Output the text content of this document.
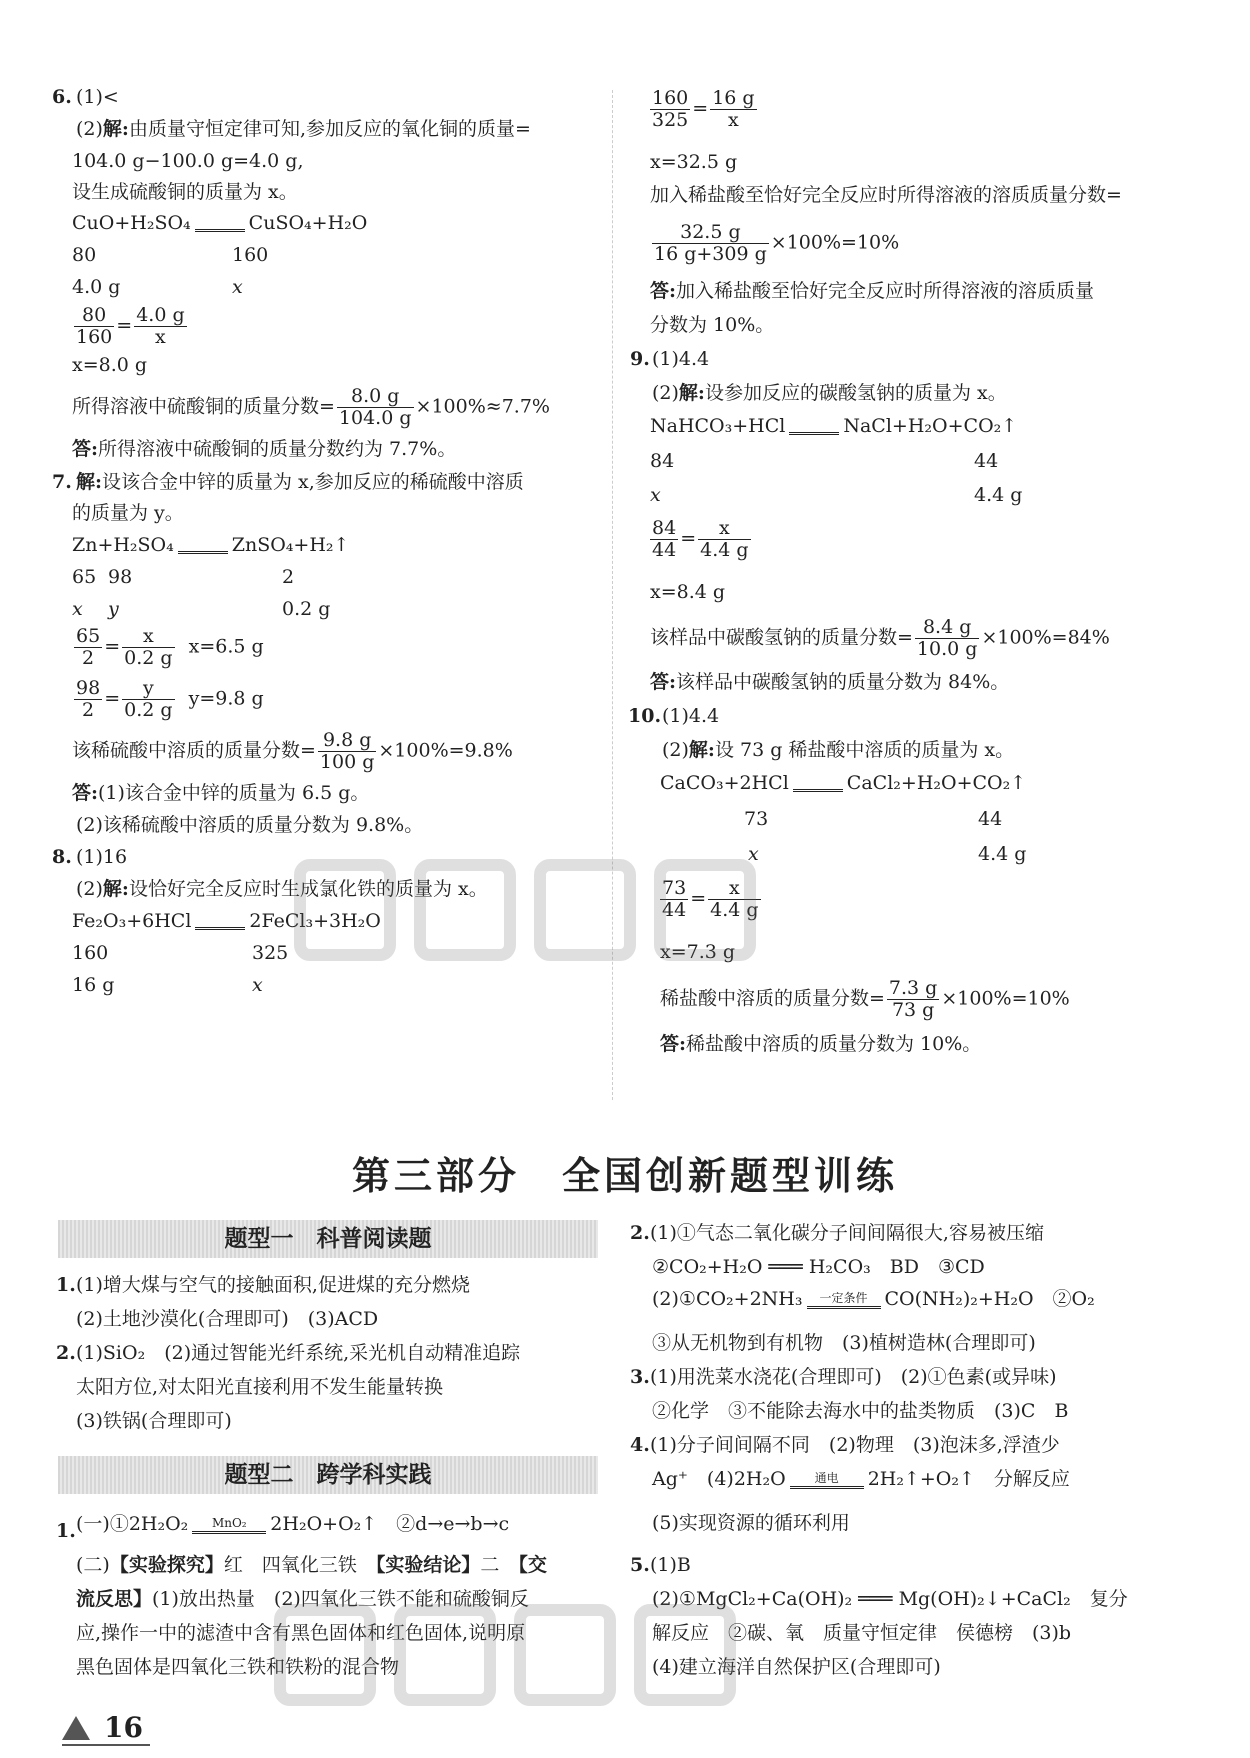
6. (1)<
(2)解:由质量守恒定律可知,参加反应的氧化铜的质量=
104.0 g−100.0 g=4.0 g,
设生成硫酸铜的质量为 x。
CuO+H₂SO₄	CuSO₄+H₂O
80	160
4.0 g	x
$\frac{80}{160} = \frac{4.0 g}{x}$
x=8.0 g
所得溶液中硫酸铜的质量分数= $\frac{8.0 g}{104.0 g} \times 100\%\approx 7.7\%$
答:所得溶液中硫酸铜的质量分数约为 7.7%。
7. 解:设该合金中锌的质量为 x,参加反应的稀硫酸中溶质
的质量为 y。
Zn+H₂SO₄	ZnSO₄+H₂↑
65 98	2
x y	0.2 g
$\frac{65}{2} = \frac{x}{0.2 g} x=6.5$ g
$\frac{98}{2} = \frac{y}{0.2 g} y=9.8$ g
该稀硫酸中溶质的质量分数= $\frac{9.8 g}{100 g} \times 100\%=9.8\%$
答:(1)该合金中锌的质量为 6.5 g。
(2)该稀硫酸中溶质的质量分数为 9.8%。
8. (1)16
(2)解:设恰好完全反应时生成氯化铁的质量为 x。
Fe₂O₃+6HCl	2FeCl₃+3H₂O
160	325
16 g	x
$\frac{160}{325} = \frac{16 g}{x}$
x=32.5 g
加入稀盐酸至恰好完全反应时所得溶液的溶质质量分数=
$\frac{32.5 g}{16 g+309 g} \times 100\%=10\%$
答:加入稀盐酸至恰好完全反应时所得溶液的溶质质量
分数为 10%。
9. (1)4.4
(2)解:设参加反应的碳酸氢钠的质量为 x。
NaHCO₃+HCl	NaCl+H₂O+CO₂↑
84	44
x	4.4 g
$\frac{84}{44} = \frac{x}{4.4 g}$
x=8.4 g
该样品中碳酸氢钠的质量分数= $\frac{8.4 g}{10.0 g} \times 100\%=84\%$
答:该样品中碳酸氢钠的质量分数为 84%。
10. (1)4.4
(2)解:设 73 g 稀盐酸中溶质的质量为 x。
CaCO₃+2HCl	CaCl₂+H₂O+CO₂↑
73	44
x	4.4 g
$\frac{73}{44} = \frac{x}{4.4 g}$
x=7.3 g
稀盐酸中溶质的质量分数= $\frac{7.3 g}{73 g} \times 100\%=10\%$
答:稀盐酸中溶质的质量分数为 10%。
第三部分　全国创新题型训练
题型一　科普阅读题
1. (1)增大煤与空气的接触面积,促进煤的充分燃烧
(2)土地沙漠化(合理即可)　(3)ACD
2. (1)SiO₂　(2)通过智能光纤系统,采光机自动精准追踪
太阳方位,对太阳光直接利用不发生能量转换
(3)铁锅(合理即可)
题型二　跨学科实践
1. (一)①2H₂O₂	MnO₂	2H₂O+O₂↑　②d→e→b→c
(二)【实验探究】红　四氧化三铁　【实验结论】二　【交
流反思】(1)放出热量　(2)四氧化三铁不能和硫酸铜反
应,操作一中的滤渣中含有黑色固体和红色固体,说明原
黑色固体是四氧化三铁和铁粉的混合物
2. (1)①气态二氧化碳分子间间隔很大,容易被压缩
②CO₂+H₂O ═══ H₂CO₃　BD　③CD
(2)①CO₂+2NH₃	一定条件 CO(NH₂)₂+H₂O　②O₂
③从无机物到有机物　(3)植树造林(合理即可)
3. (1)用洗菜水浇花(合理即可)　(2)①色素(或异味)
②化学　③不能除去海水中的盐类物质　(3)C　B
4. (1)分子间间隔不同　(2)物理　(3)泡沫多,浮渣少
Ag⁺　(4)2H₂O	通电	2H₂↑+O₂↑　分解反应
(5)实现资源的循环利用
5. (1)B
(2)①MgCl₂+Ca(OH)₂ ═══ Mg(OH)₂↓+CaCl₂　复分
解反应　②碳、氧　质量守恒定律　侯德榜　(3)b
(4)建立海洋自然保护区(合理即可)
16
